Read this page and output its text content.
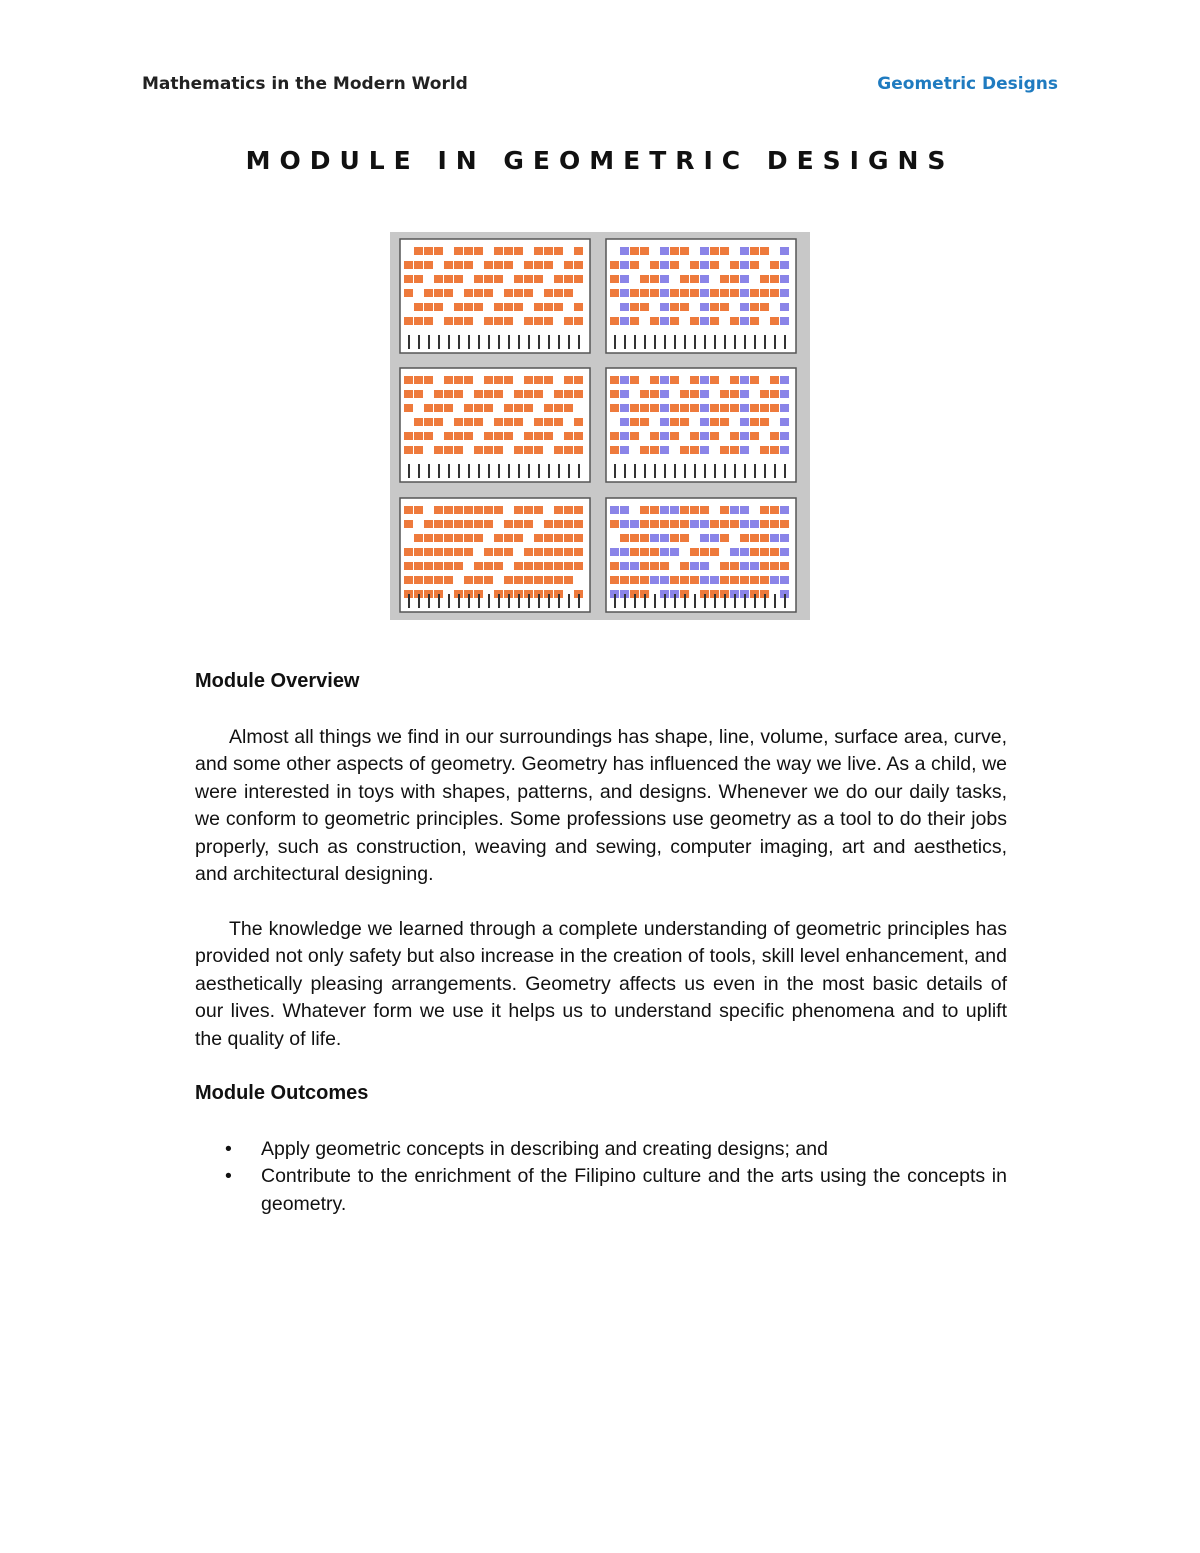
Mathematics in the Modern World	Geometric Designs
MODULE IN GEOMETRIC DESIGNS
Module Overview

Almost all things we find in our surroundings has shape, line, volume, surface area, curve, and some other aspects of geometry. Geometry has influenced the way we live. As a child, we were interested in toys with shapes, patterns, and designs. Whenever we do our daily tasks, we conform to geometric principles. Some professions use geometry as a tool to do their jobs properly, such as construction, weaving and sewing, computer imaging, art and aesthetics, and architectural designing.

The knowledge we learned through a complete understanding of geometric principles has provided not only safety but also increase in the creation of tools, skill level enhancement, and aesthetically pleasing arrangements. Geometry affects us even in the most basic details of our lives. Whatever form we use it helps us to understand specific phenomena and to uplift the quality of life.

Module Outcomes
• Apply geometric concepts in describing and creating designs; and
• Contribute to the enrichment of the Filipino culture and the arts using the concepts in geometry.
